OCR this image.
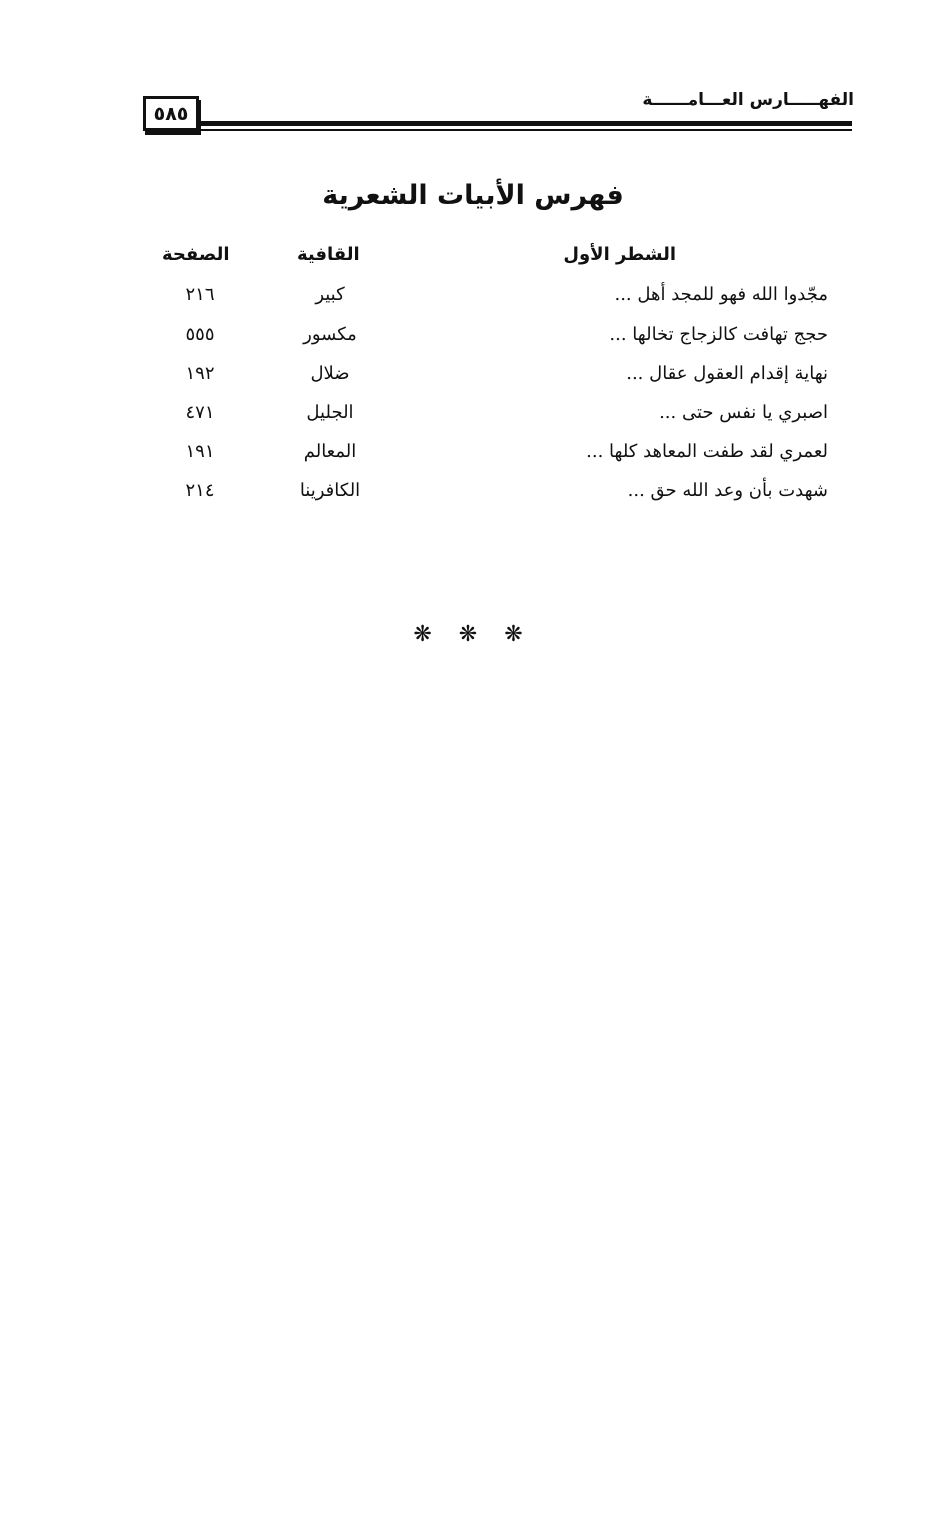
الفهـــــارس العـــامــــــة
٥٨٥
فهرس الأبيات الشعرية
الشطر الأول
القافية
الصفحة
مجّدوا الله فهو للمجد أهل ...
كبير
٢١٦
حجج تهافت كالزجاج تخالها ...
مكسور
٥٥٥
نهاية إقدام العقول عقال ...
ضلال
١٩٢
اصبري يا نفس حتى ...
الجليل
٤٧١
لعمري لقد طفت المعاهد كلها ...
المعالم
١٩١
شهدت بأن وعد الله حق ...
الكافرينا
٢١٤
❋ ❋ ❋
